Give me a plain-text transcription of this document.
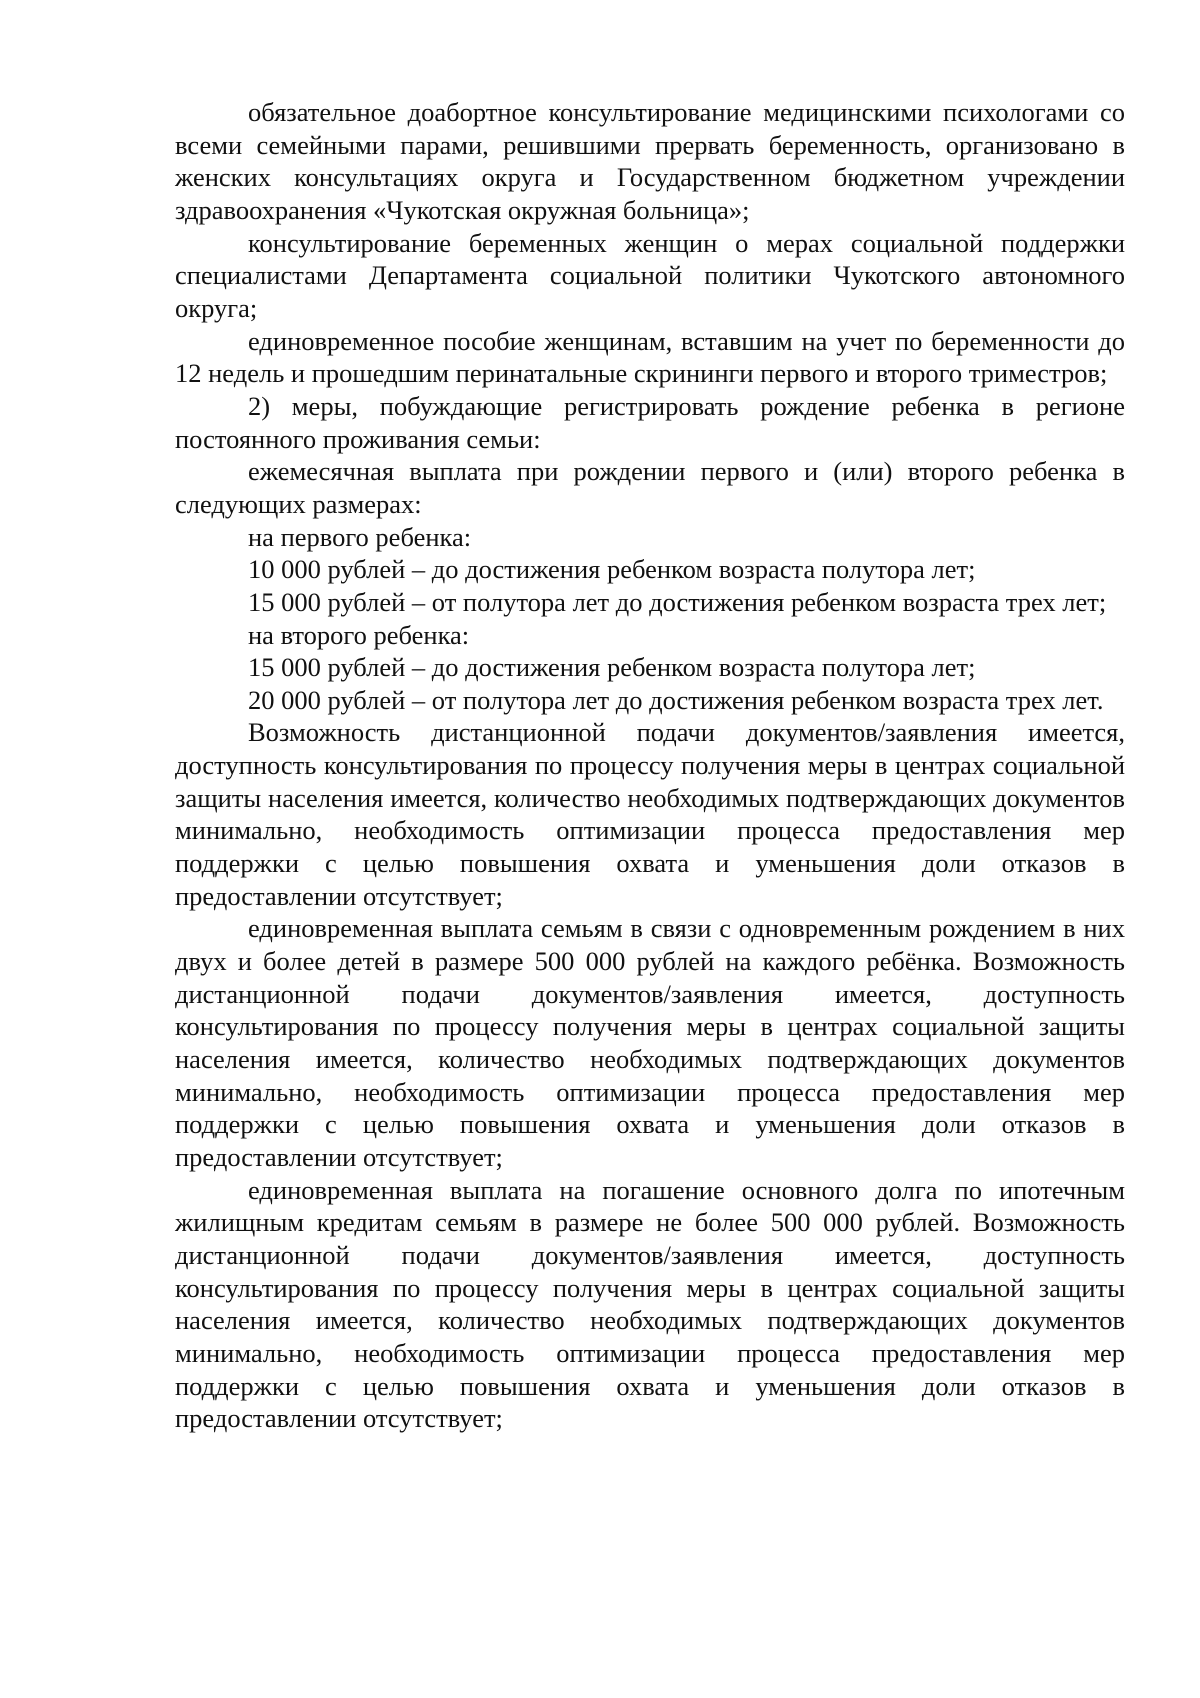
обязательное доабортное консультирование медицинскими психологами со всеми семейными парами, решившими прервать беременность, организовано в женских консультациях округа и Государственном бюджетном учреждении здравоохранения «Чукотская окружная больница»;

консультирование беременных женщин о мерах социальной поддержки специалистами Департамента социальной политики Чукотского автономного округа;

единовременное пособие женщинам, вставшим на учет по беременности до 12 недель и прошедшим перинатальные скрининги первого и второго триместров;

2) меры, побуждающие регистрировать рождение ребенка в регионе постоянного проживания семьи:

ежемесячная выплата при рождении первого и (или) второго ребенка в следующих размерах:

на первого ребенка:

10 000 рублей – до достижения ребенком возраста полутора лет;

15 000 рублей – от полутора лет до достижения ребенком возраста трех лет;

на второго ребенка:

15 000 рублей – до достижения ребенком возраста полутора лет;

20 000 рублей – от полутора лет до достижения ребенком возраста трех лет.

Возможность дистанционной подачи документов/заявления имеется, доступность консультирования по процессу получения меры в центрах социальной защиты населения имеется, количество необходимых подтверждающих документов минимально, необходимость оптимизации процесса предоставления мер поддержки с целью повышения охвата и уменьшения доли отказов в предоставлении отсутствует;

единовременная выплата семьям в связи с одновременным рождением в них двух и более детей в размере 500 000 рублей на каждого ребёнка. Возможность дистанционной подачи документов/заявления имеется, доступность консультирования по процессу получения меры в центрах социальной защиты населения имеется, количество необходимых подтверждающих документов минимально, необходимость оптимизации процесса предоставления мер поддержки с целью повышения охвата и уменьшения доли отказов в предоставлении отсутствует;

единовременная выплата на погашение основного долга по ипотечным жилищным кредитам семьям в размере не более 500 000 рублей. Возможность дистанционной подачи документов/заявления имеется, доступность консультирования по процессу получения меры в центрах социальной защиты населения имеется, количество необходимых подтверждающих документов минимально, необходимость оптимизации процесса предоставления мер поддержки с целью повышения охвата и уменьшения доли отказов в предоставлении отсутствует;
